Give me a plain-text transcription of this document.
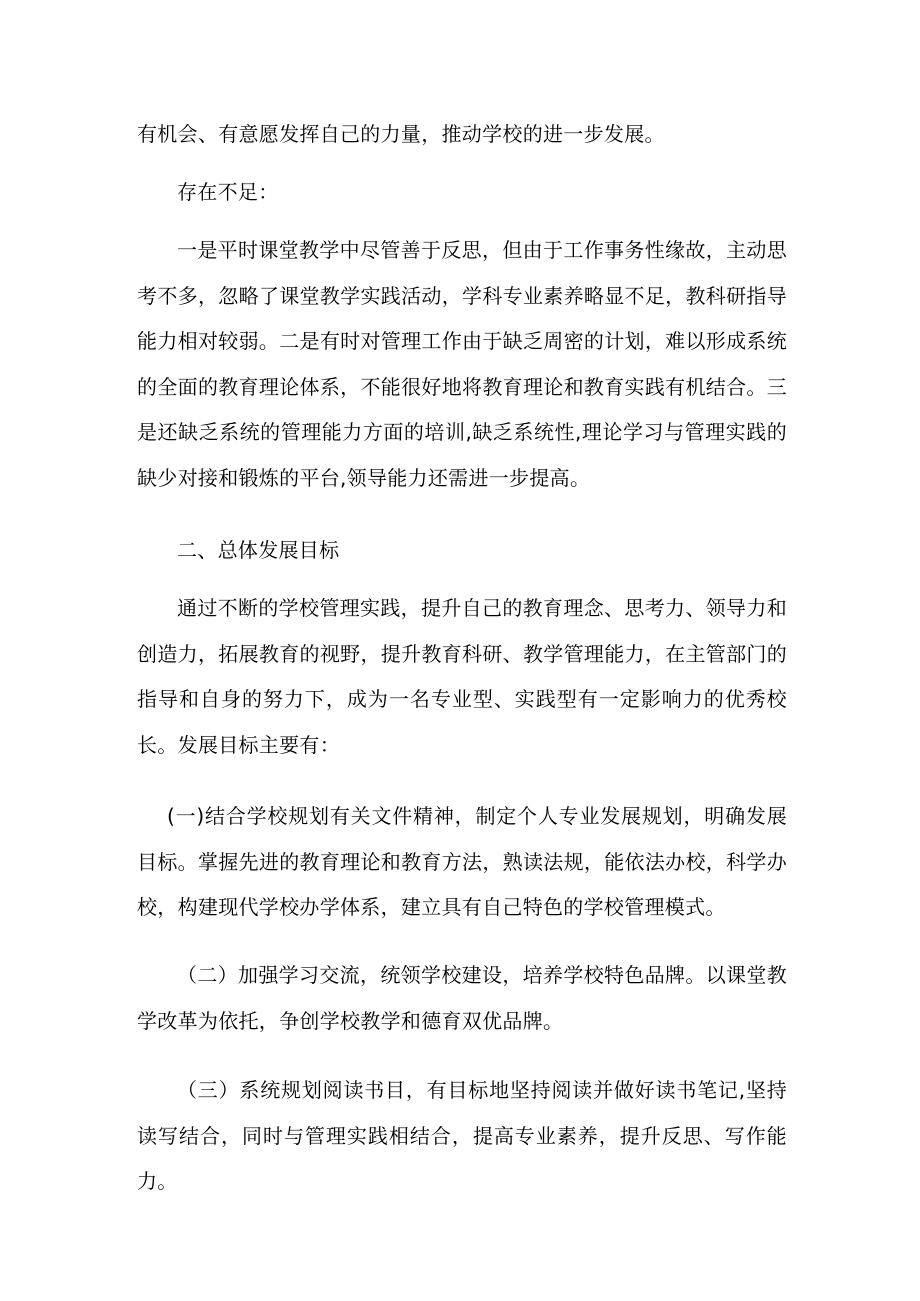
有机会、有意愿发挥自己的力量，推动学校的进一步发展。

存在不足：

一是平时课堂教学中尽管善于反思，但由于工作事务性缘故，主动思考不多，忽略了课堂教学实践活动，学科专业素养略显不足，教科研指导能力相对较弱。二是有时对管理工作由于缺乏周密的计划，难以形成系统的全面的教育理论体系，不能很好地将教育理论和教育实践有机结合。三是还缺乏系统的管理能力方面的培训,缺乏系统性,理论学习与管理实践的缺少对接和锻炼的平台,领导能力还需进一步提高。

二、总体发展目标

通过不断的学校管理实践，提升自己的教育理念、思考力、领导力和创造力，拓展教育的视野，提升教育科研、教学管理能力，在主管部门的指导和自身的努力下，成为一名专业型、实践型有一定影响力的优秀校长。发展目标主要有：

(一)结合学校规划有关文件精神，制定个人专业发展规划，明确发展目标。掌握先进的教育理论和教育方法，熟读法规，能依法办校，科学办校，构建现代学校办学体系，建立具有自己特色的学校管理模式。

（二）加强学习交流，统领学校建设，培养学校特色品牌。以课堂教学改革为依托，争创学校教学和德育双优品牌。

（三）系统规划阅读书目，有目标地坚持阅读并做好读书笔记,坚持读写结合，同时与管理实践相结合，提高专业素养，提升反思、写作能力。
